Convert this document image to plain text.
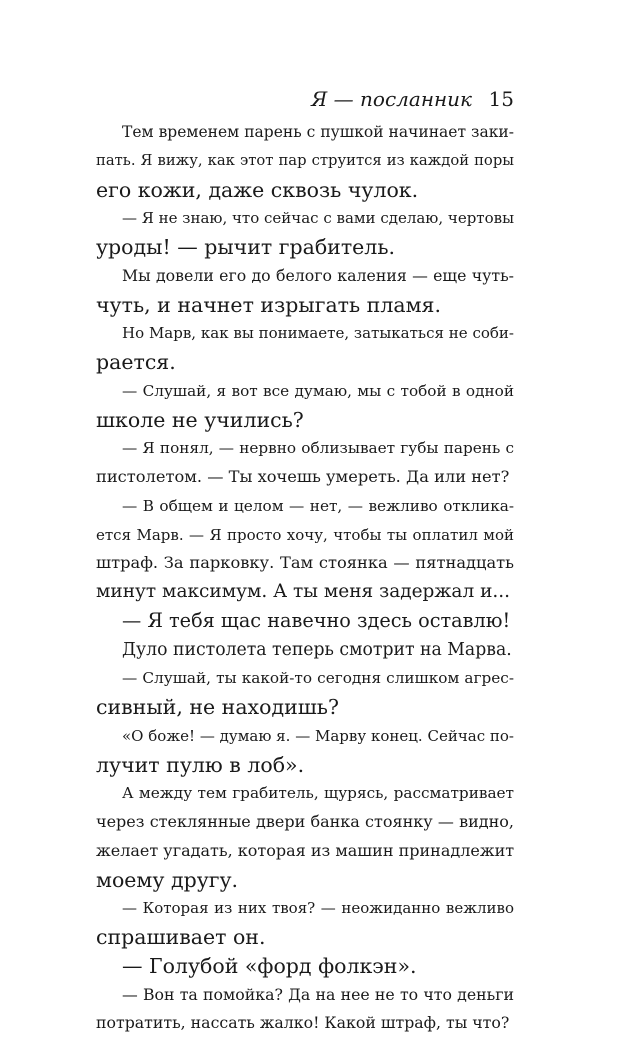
Я — посланник 15
Тем временем парень с пушкой начинает заки-
пать. Я вижу, как этот пар струится из каждой поры
его кожи, даже сквозь чулок.
— Я не знаю, что сейчас с вами сделаю, чертовы
уроды! — рычит грабитель.
Мы довели его до белого каления — еще чуть-
чуть, и начнет изрыгать пламя.
Но Марв, как вы понимаете, затыкаться не соби-
рается.
— Слушай, я вот все думаю, мы с тобой в одной
школе не учились?
— Я понял, — нервно облизывает губы парень с
пистолетом. — Ты хочешь умереть. Да или нет?
— В общем и целом — нет, — вежливо отклика-
ется Марв. — Я просто хочу, чтобы ты оплатил мой
штраф. За парковку. Там стоянка — пятнадцать
минут максимум. А ты меня задержал и...
— Я тебя щас навечно здесь оставлю!
Дуло пистолета теперь смотрит на Марва.
— Слушай, ты какой-то сегодня слишком агрес-
сивный, не находишь?
«О боже! — думаю я. — Марву конец. Сейчас по-
лучит пулю в лоб».
А между тем грабитель, щурясь, рассматривает
через стеклянные двери банка стоянку — видно,
желает угадать, которая из машин принадлежит
моему другу.
— Которая из них твоя? — неожиданно вежливо
спрашивает он.
— Голубой «форд фолкэн».
— Вон та помойка? Да на нее не то что деньги
потратить, нассать жалко! Какой штраф, ты что?
